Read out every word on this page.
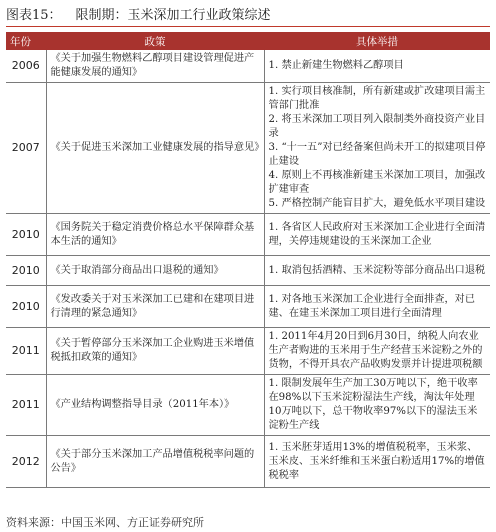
图表15： 限制期：玉米深加工行业政策综述
年份	政策	具体举措
2006	《关于加强生物燃料乙醇项目建设管理促进产能健康发展的通知》	1. 禁止新建生物燃料乙醇项目

2007	《关于促进玉米深加工业健康发展的指导意见》	1. 实行项目核准制，所有新建或扩改建项目需主管部门批准
2. 将玉米深加工项目列入限制类外商投资产业目录
3. “十一五”对已经备案但尚未开工的拟建项目停止建设
4. 原则上不再核准新建玉米深加工项目，加强改扩建审查
5. 严格控制产能盲目扩大，避免低水平项目建设

2010	《国务院关于稳定消费价格总水平保障群众基本生活的通知》	1. 各省区人民政府对玉米深加工企业进行全面清理，关停违规建设的玉米深加工企业

2010	《关于取消部分商品出口退税的通知》	1. 取消包括酒精、玉米淀粉等部分商品出口退税

2010	《发改委关于对玉米深加工已建和在建项目进行清理的紧急通知》	1. 对各地玉米深加工企业进行全面排查，对已建、在建玉米深加工项目进行全面清理

2011	《关于暂停部分玉米深加工企业购进玉米增值税抵扣政策的通知》	1. 2011年4月20日到6月30日，纳税人向农业生产者购进的玉米用于生产经营玉米淀粉之外的货物，不得开具农产品收购发票并计提进项税额

2011	《产业结构调整指导目录（2011年本）》	1. 限制发展年生产加工30万吨以下，绝干收率在98%以下玉米淀粉湿法生产线，淘汰年处理10万吨以下，总干物收率97%以下的湿法玉米淀粉生产线

2012	《关于部分玉米深加工产品增值税税率问题的公告》	1. 玉米胚芽适用13%的增值税税率，玉米浆、玉米皮、玉米纤维和玉米蛋白粉适用17%的增值税税率
资料来源：中国玉米网、方正证券研究所
